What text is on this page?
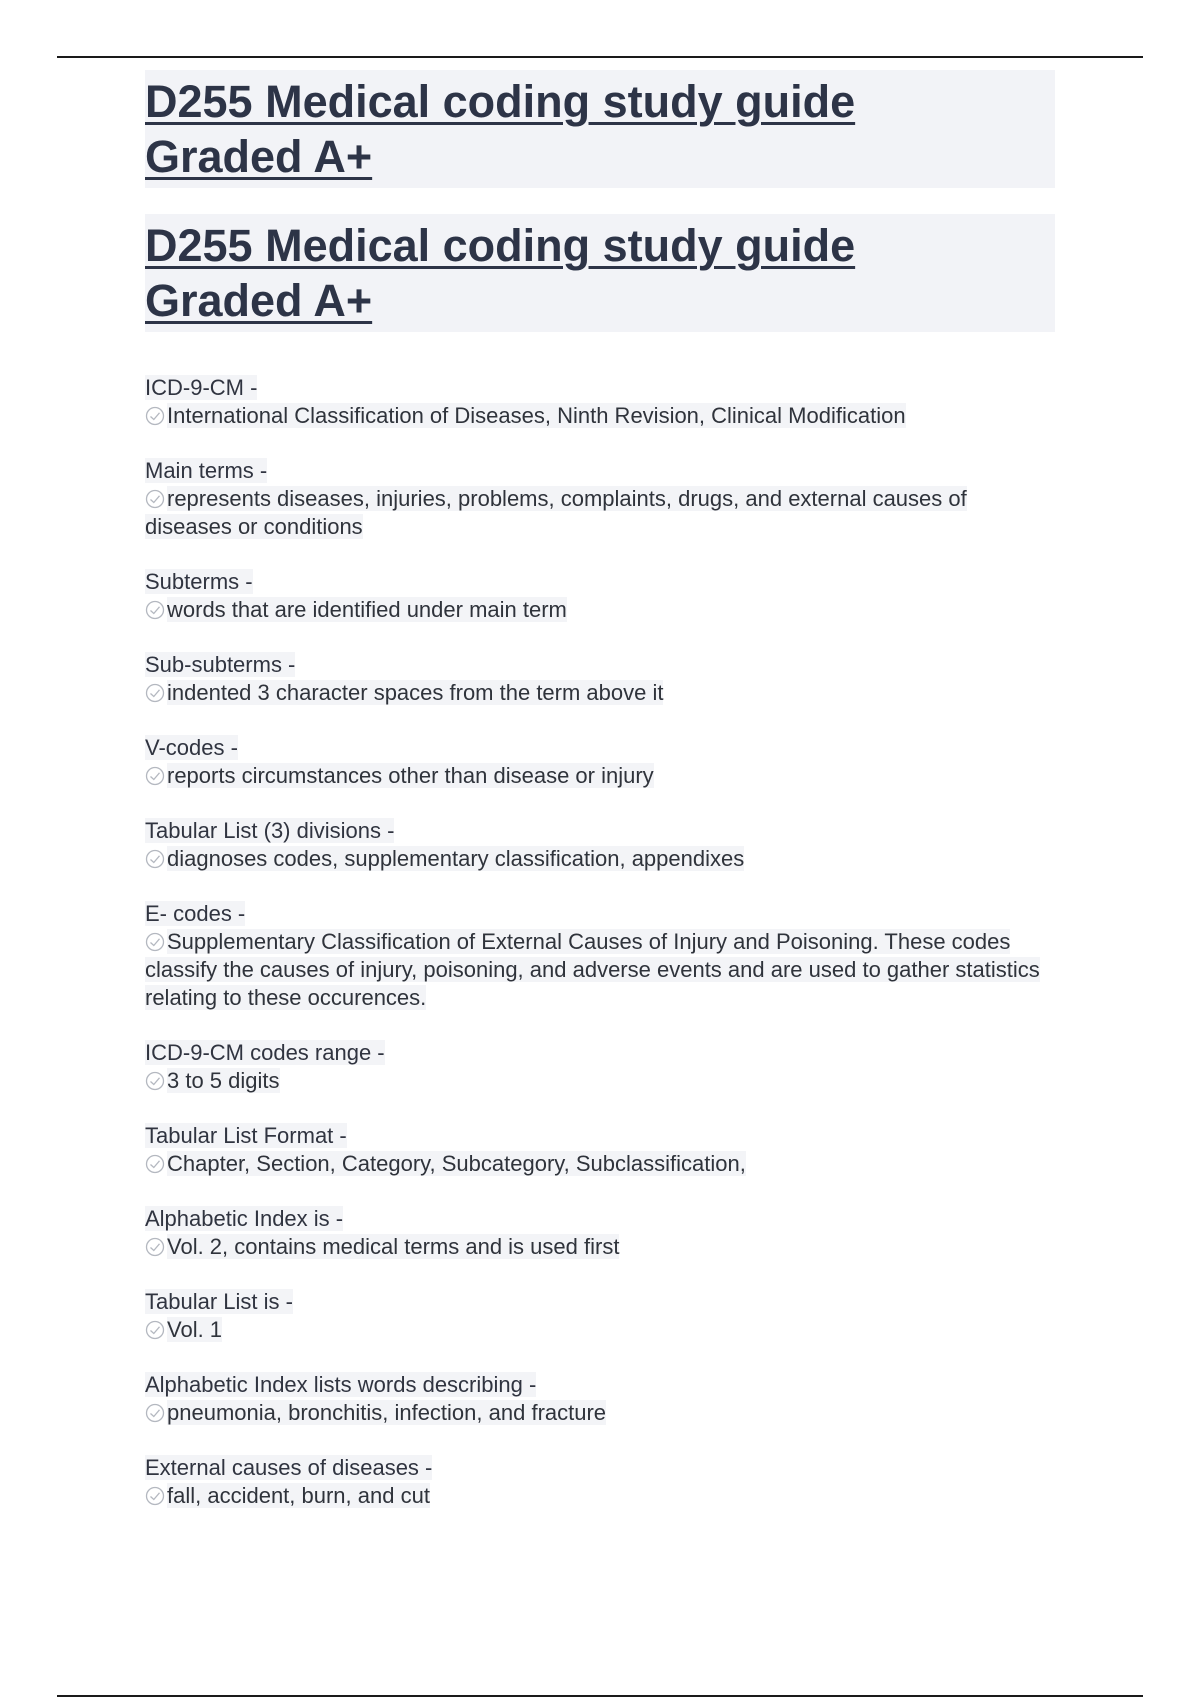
D255 Medical coding study guide
Graded A+
D255 Medical coding study guide
Graded A+
ICD-9-CM -
International Classification of Diseases, Ninth Revision, Clinical Modification
Main terms -
represents diseases, injuries, problems, complaints, drugs, and external causes of diseases or conditions
Subterms -
words that are identified under main term
Sub-subterms -
indented 3 character spaces from the term above it
V-codes -
reports circumstances other than disease or injury
Tabular List (3) divisions -
diagnoses codes, supplementary classification, appendixes
E- codes -
Supplementary Classification of External Causes of Injury and Poisoning. These codes classify the causes of injury, poisoning, and adverse events and are used to gather statistics relating to these occurences.
ICD-9-CM codes range -
3 to 5 digits
Tabular List Format -
Chapter, Section, Category, Subcategory, Subclassification,
Alphabetic Index is -
Vol. 2, contains medical terms and is used first
Tabular List is -
Vol. 1
Alphabetic Index lists words describing -
pneumonia, bronchitis, infection, and fracture
External causes of diseases -
fall, accident, burn, and cut
